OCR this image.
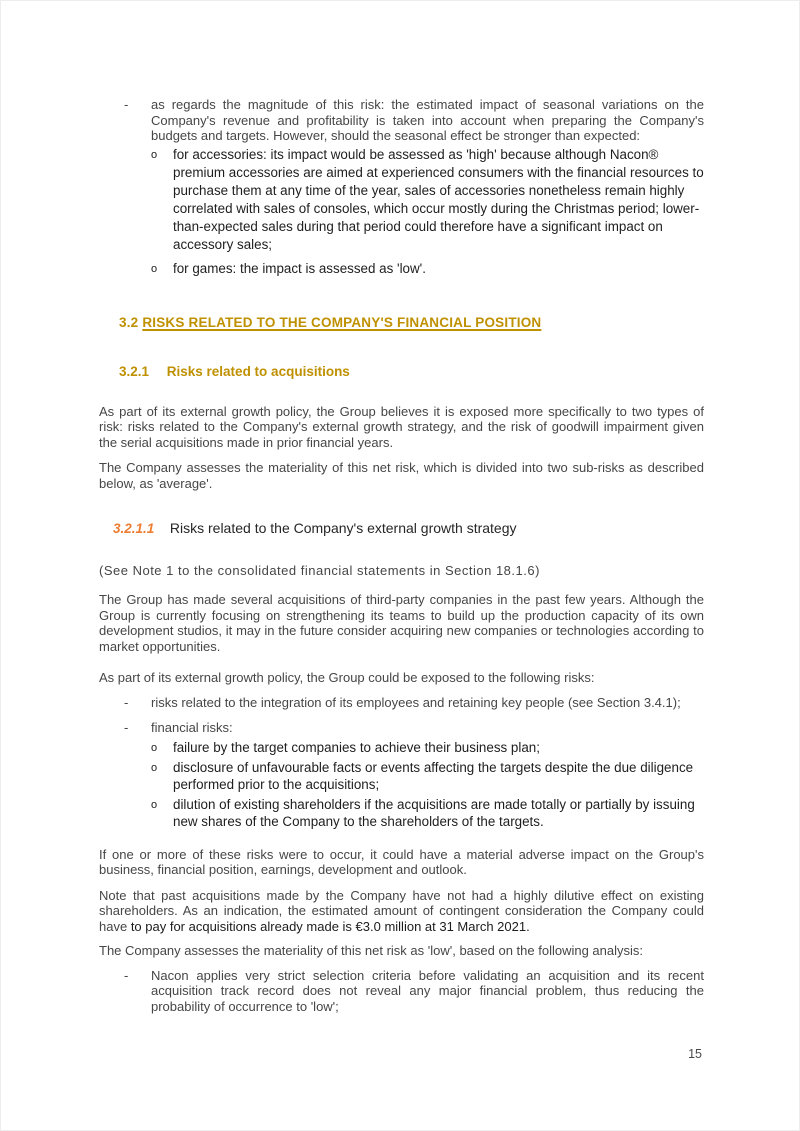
-	as regards the magnitude of this risk: the estimated impact of seasonal variations on the Company's revenue and profitability is taken into account when preparing the Company's budgets and targets. However, should the seasonal effect be stronger than expected:
o	for accessories: its impact would be assessed as 'high' because although Nacon® premium accessories are aimed at experienced consumers with the financial resources to purchase them at any time of the year, sales of accessories nonetheless remain highly correlated with sales of consoles, which occur mostly during the Christmas period; lower-than-expected sales during that period could therefore have a significant impact on accessory sales;
o	for games: the impact is assessed as 'low'.
3.2 RISKS RELATED TO THE COMPANY'S FINANCIAL POSITION
3.2.1 Risks related to acquisitions
As part of its external growth policy, the Group believes it is exposed more specifically to two types of risk: risks related to the Company's external growth strategy, and the risk of goodwill impairment given the serial acquisitions made in prior financial years.
The Company assesses the materiality of this net risk, which is divided into two sub-risks as described below, as 'average'.
3.2.1.1 Risks related to the Company's external growth strategy
(See Note 1 to the consolidated financial statements in Section 18.1.6)
The Group has made several acquisitions of third-party companies in the past few years. Although the Group is currently focusing on strengthening its teams to build up the production capacity of its own development studios, it may in the future consider acquiring new companies or technologies according to market opportunities.
As part of its external growth policy, the Group could be exposed to the following risks:
-	risks related to the integration of its employees and retaining key people (see Section 3.4.1);
-	financial risks:
o	failure by the target companies to achieve their business plan;
o	disclosure of unfavourable facts or events affecting the targets despite the due diligence performed prior to the acquisitions;
o	dilution of existing shareholders if the acquisitions are made totally or partially by issuing new shares of the Company to the shareholders of the targets.
If one or more of these risks were to occur, it could have a material adverse impact on the Group's business, financial position, earnings, development and outlook.
Note that past acquisitions made by the Company have not had a highly dilutive effect on existing shareholders. As an indication, the estimated amount of contingent consideration the Company could have to pay for acquisitions already made is €3.0 million at 31 March 2021.
The Company assesses the materiality of this net risk as 'low', based on the following analysis:
-	Nacon applies very strict selection criteria before validating an acquisition and its recent acquisition track record does not reveal any major financial problem, thus reducing the probability of occurrence to 'low';
15
